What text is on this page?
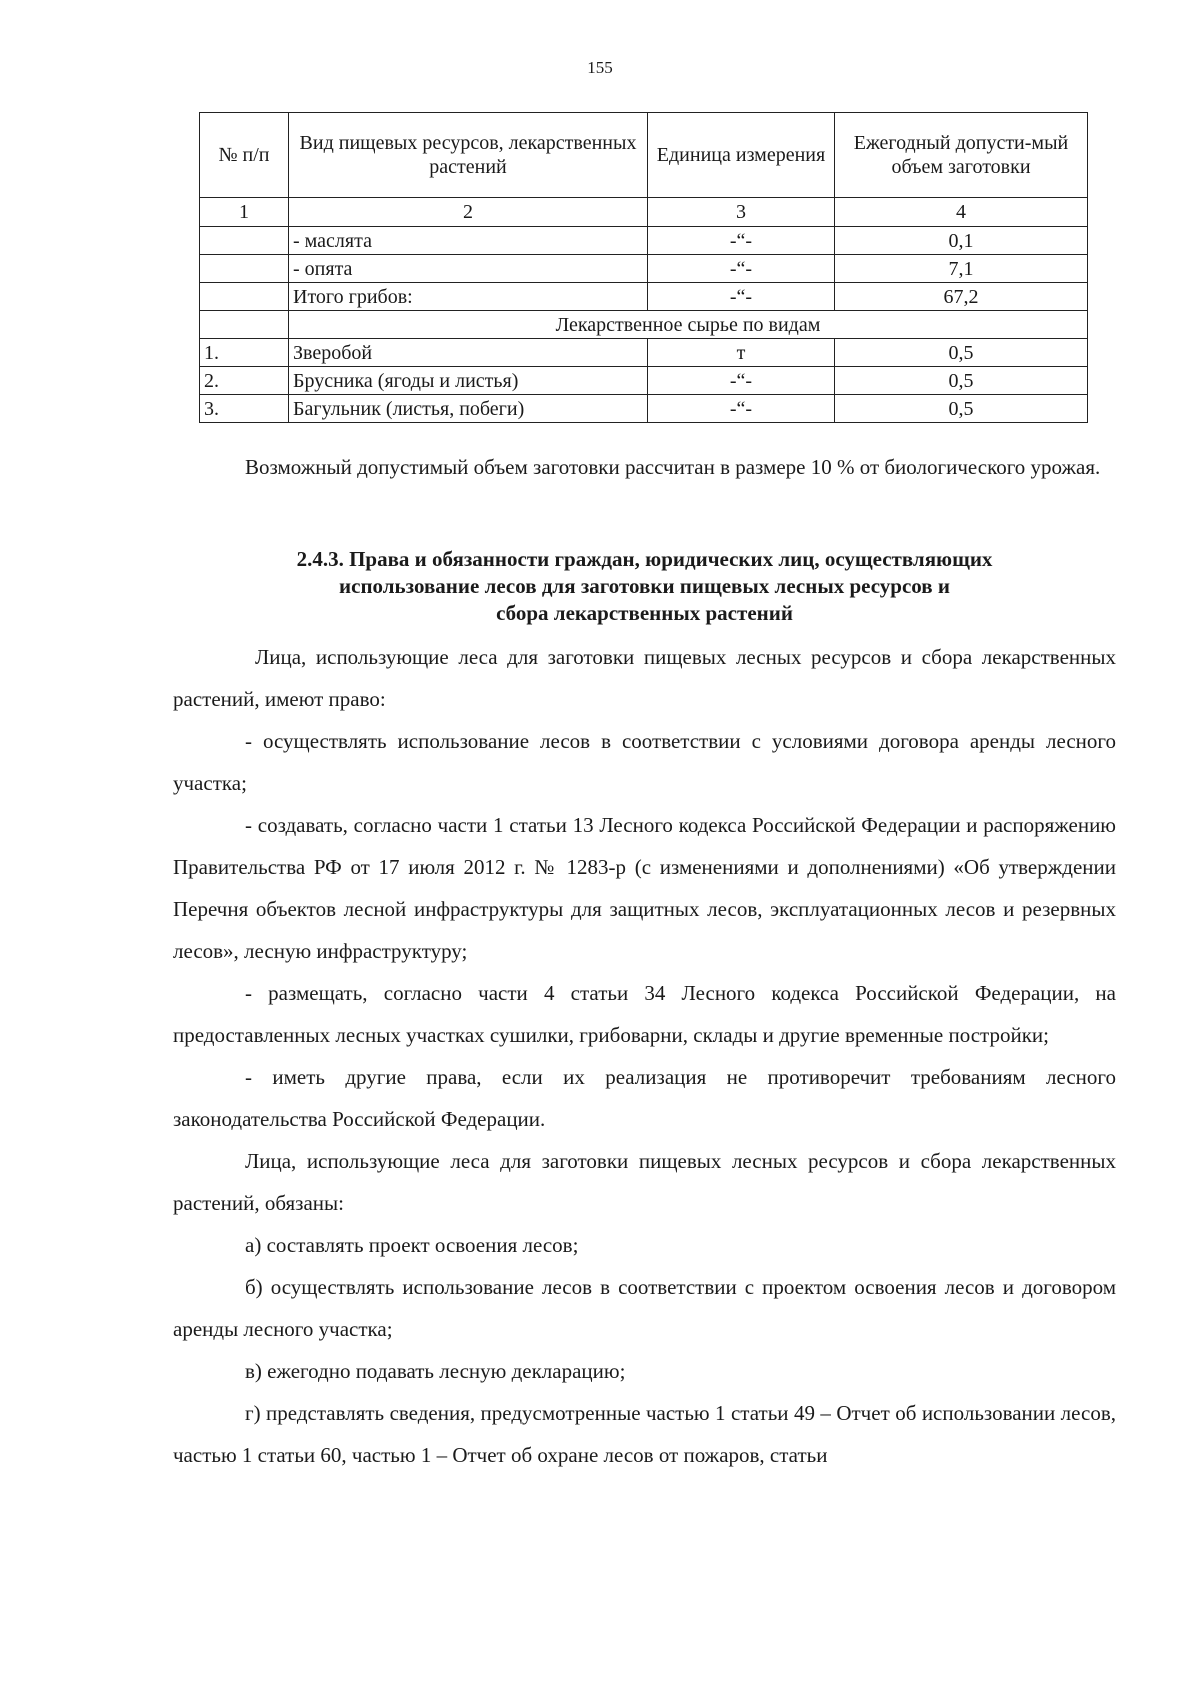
155
№ п/п	Вид пищевых ресурсов, лекарственных растений	Единица измерения	Ежегодный допусти-мый объем заготовки
1	2	3	4
	- маслята	-“-	0,1
	- опята	-“-	7,1
	Итого грибов:	-“-	67,2
	Лекарственное сырье по видам		
1.	Зверобой	т	0,5
2.	Брусника (ягоды и листья)	-“-	0,5
3.	Багульник (листья, побеги)	-“-	0,5

Возможный допустимый объем заготовки рассчитан в размере 10 % от биологического урожая.

2.4.3. Права и обязанности граждан, юридических лиц, осуществляющих
использование лесов для заготовки пищевых лесных ресурсов и
сбора лекарственных растений

Лица, использующие леса для заготовки пищевых лесных ресурсов и сбора лекарственных растений, имеют право:

- осуществлять использование лесов в соответствии с условиями договора аренды лесного участка;

- создавать, согласно части 1 статьи 13 Лесного кодекса Российской Федерации и распоряжению Правительства РФ от 17 июля 2012 г. № 1283-р (с изменениями и дополнениями) «Об утверждении Перечня объектов лесной инфраструктуры для защитных лесов, эксплуатационных лесов и резервных лесов», лесную инфраструктуру;

- размещать, согласно части 4 статьи 34 Лесного кодекса Российской Федерации, на предоставленных лесных участках сушилки, грибоварни, склады и другие временные постройки;

- иметь другие права, если их реализация не противоречит требованиям лесного законодательства Российской Федерации.

Лица, использующие леса для заготовки пищевых лесных ресурсов и сбора лекарственных растений, обязаны:

а) составлять проект освоения лесов;

б) осуществлять использование лесов в соответствии с проектом освоения лесов и договором аренды лесного участка;

в) ежегодно подавать лесную декларацию;

г) представлять сведения, предусмотренные частью 1 статьи 49 – Отчет об использовании лесов, частью 1 статьи 60, частью 1 – Отчет об охране лесов от пожаров, статьи
